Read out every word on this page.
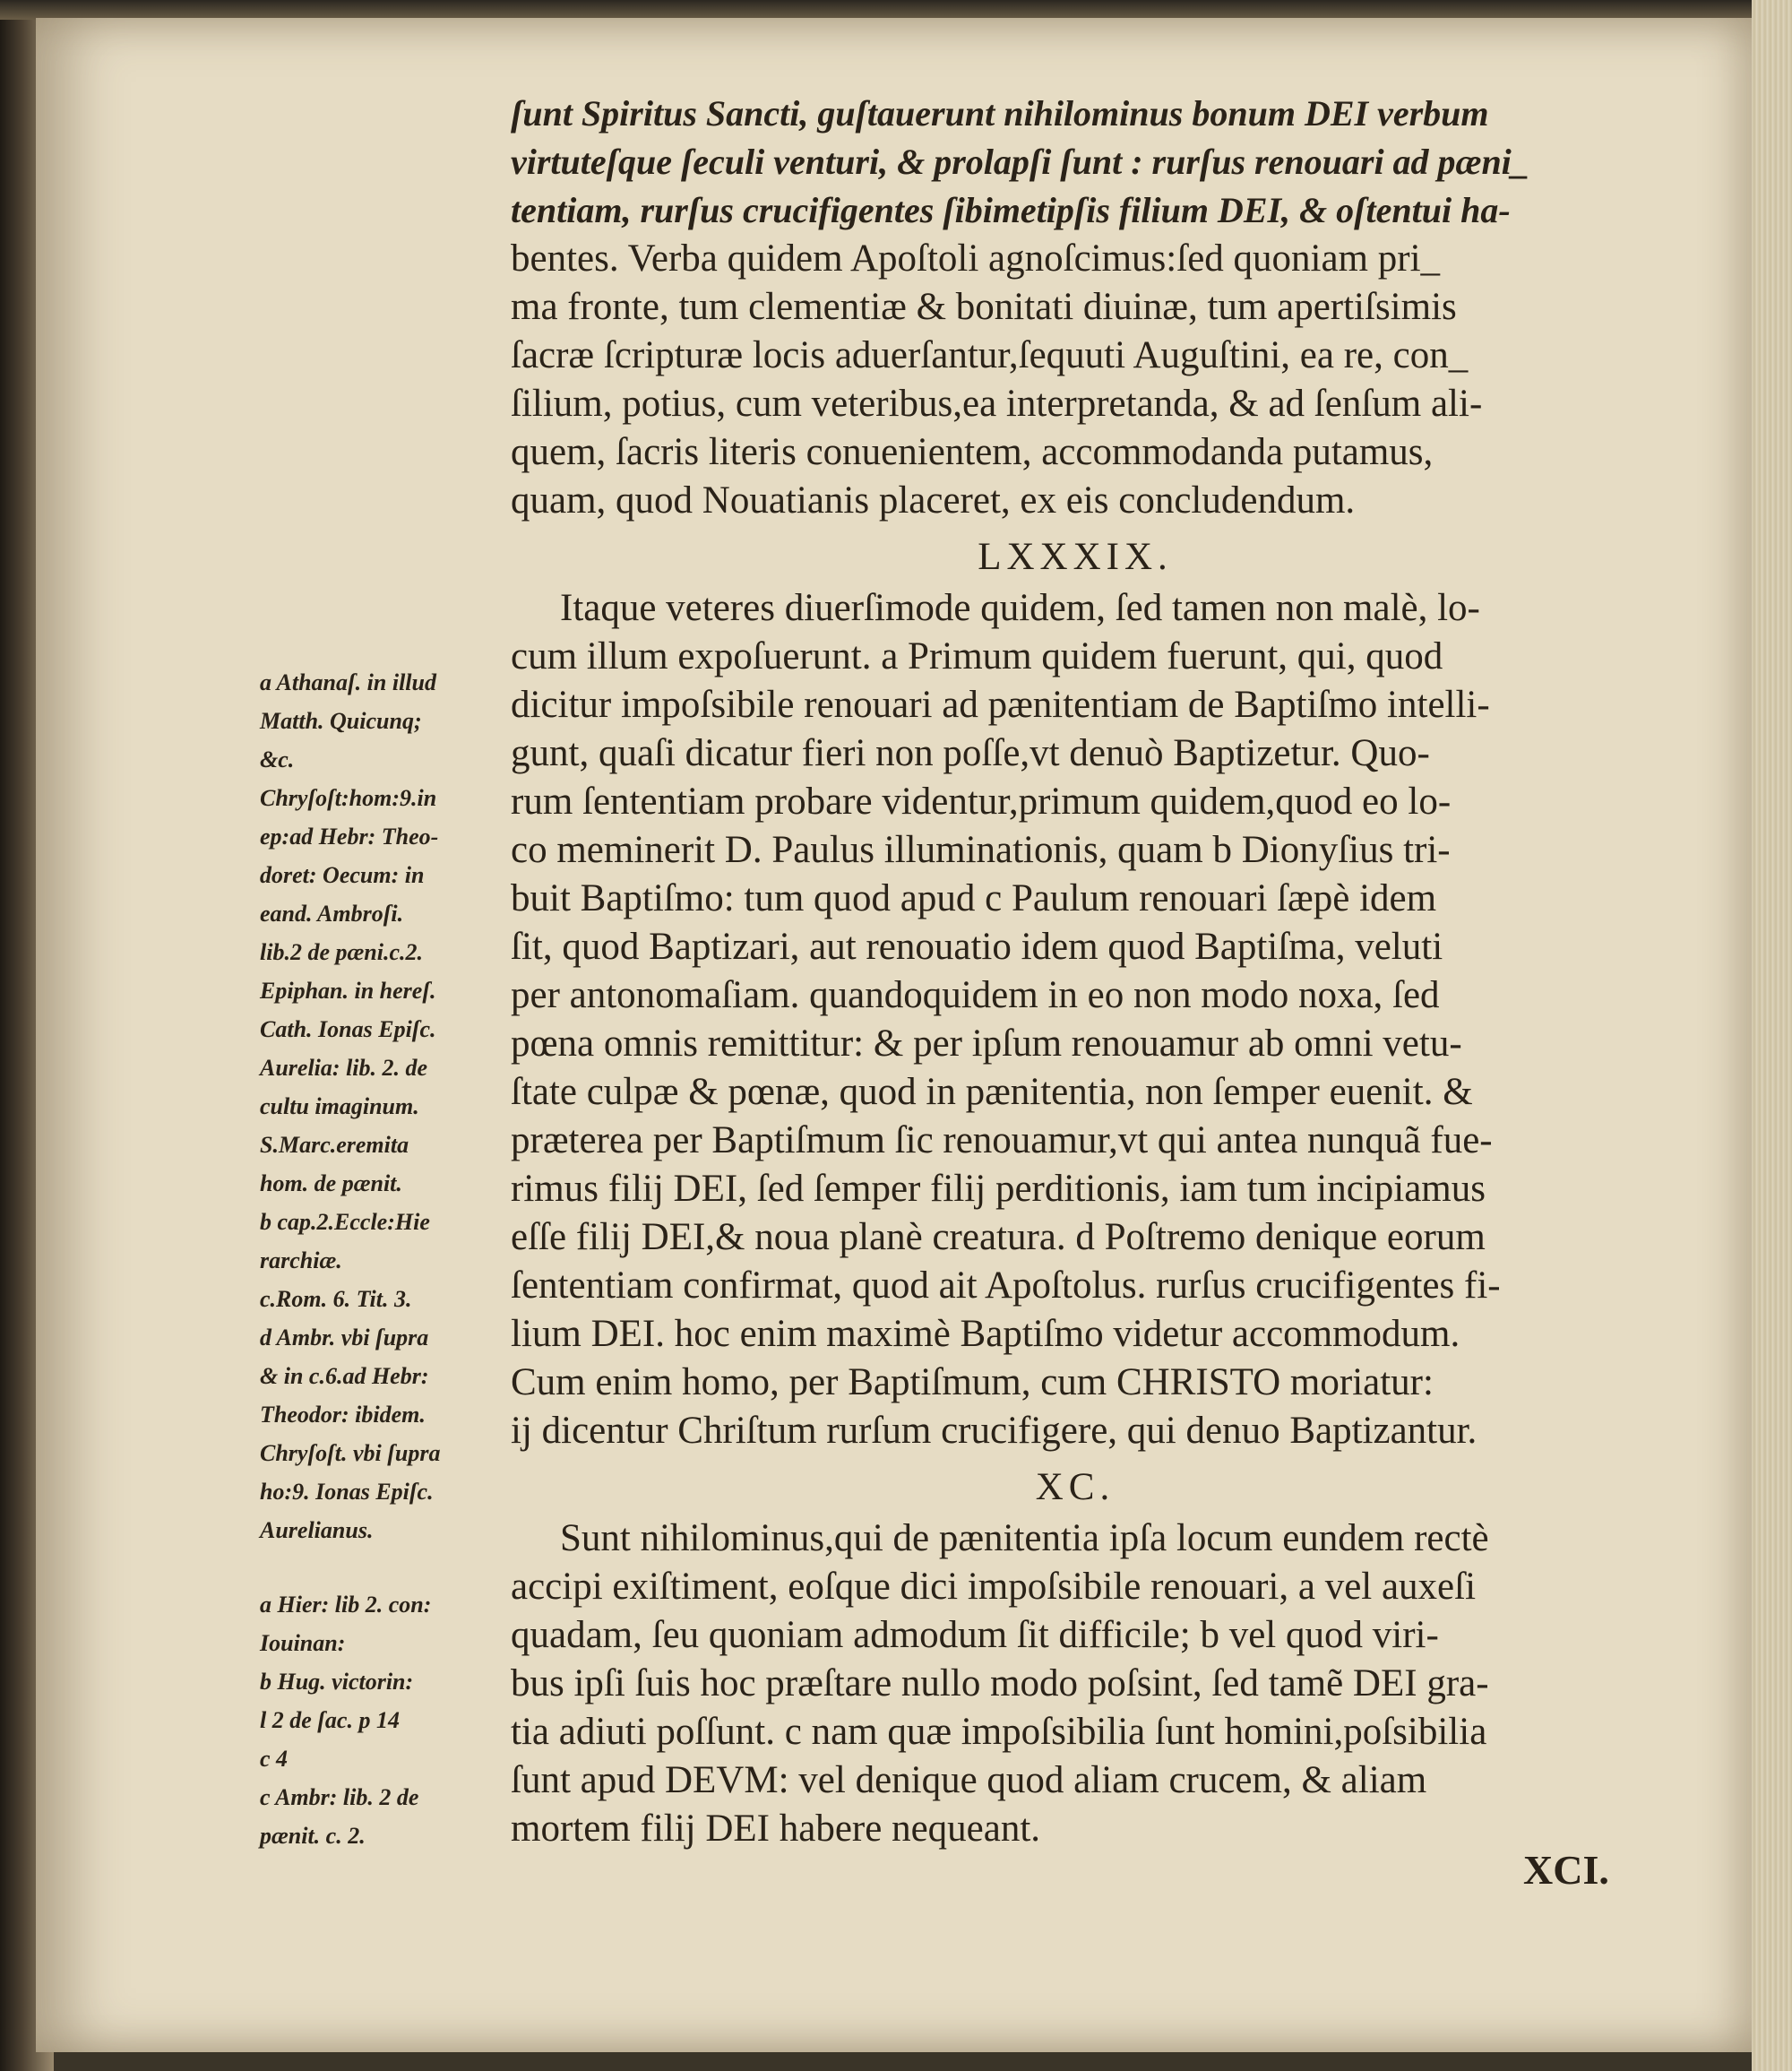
ſunt Spiritus Sancti, guſtauerunt nihilominus bonum DEI verbum
virtuteſque ſeculi venturi, & prolapſi ſunt : rurſus renouari ad pæni_
tentiam, rurſus crucifigentes ſibimetipſis filium DEI, & oſtentui ha-
bentes. Verba quidem Apoſtoli agnoſcimus:ſed quoniam pri_
ma fronte, tum clementiæ & bonitati diuinæ, tum apertiſsimis
ſacræ ſcripturæ locis aduerſantur,ſequuti Auguſtini, ea re, con_
ſilium, potius, cum veteribus,ea interpretanda, & ad ſenſum ali-
quem, ſacris literis conuenientem, accommodanda putamus,
quam, quod Nouatianis placeret, ex eis concludendum.
LXXXIX.
Itaque veteres diuerſimode quidem, ſed tamen non malè, lo-
cum illum expoſuerunt. a Primum quidem fuerunt, qui, quod
dicitur impoſsibile renouari ad pænitentiam de Baptiſmo intelli-
gunt, quaſi dicatur fieri non poſſe,vt denuò Baptizetur. Quo-
rum ſententiam probare videntur,primum quidem,quod eo lo-
co meminerit D. Paulus illuminationis, quam b Dionyſius tri-
buit Baptiſmo: tum quod apud c Paulum renouari ſæpè idem
ſit, quod Baptizari, aut renouatio idem quod Baptiſma, veluti
per antonomaſiam. quandoquidem in eo non modo noxa, ſed
pœna omnis remittitur: & per ipſum renouamur ab omni vetu-
ſtate culpæ & pœnæ, quod in pænitentia, non ſemper euenit. &
præterea per Baptiſmum ſic renouamur,vt qui antea nunquã fue-
rimus filij DEI, ſed ſemper filij perditionis, iam tum incipiamus
eſſe filij DEI,& noua planè creatura. d Poſtremo denique eorum
ſententiam confirmat, quod ait Apoſtolus. rurſus crucifigentes fi-
lium DEI. hoc enim maximè Baptiſmo videtur accommodum.
Cum enim homo, per Baptiſmum, cum CHRISTO moriatur:
ij dicentur Chriſtum rurſum crucifigere, qui denuo Baptizantur.
XC.
Sunt nihilominus,qui de pænitentia ipſa locum eundem rectè
accipi exiſtiment, eoſque dici impoſsibile renouari, a vel auxeſi
quadam, ſeu quoniam admodum ſit difficile; b vel quod viri-
bus ipſi ſuis hoc præſtare nullo modo poſsint, ſed tamẽ DEI gra-
tia adiuti poſſunt. c nam quæ impoſsibilia ſunt homini,poſsibilia
ſunt apud DEVM: vel denique quod aliam crucem, & aliam
mortem filij DEI habere nequeant.
a Athanaſ. in illud
Matth. Quicunq;
&c.
Chryſoſt:hom:9.in
ep:ad Hebr: Theo-
doret: Oecum: in
eand. Ambroſi.
lib.2 de pæni.c.2.
Epiphan. in hereſ.
Cath. Ionas Epiſc.
Aurelia: lib. 2. de
cultu imaginum.
S.Marc.eremita
hom. de pænit.
b cap.2.Eccle:Hie
rarchiæ.
c.Rom. 6. Tit. 3.
d Ambr. vbi ſupra
& in c.6.ad Hebr:
Theodor: ibidem.
Chryſoſt. vbi ſupra
ho:9. Ionas Epiſc.
Aurelianus.
a Hier: lib 2. con:
Iouinan:
b Hug. victorin:
l 2 de ſac. p 14
c 4
c Ambr: lib. 2 de
pænit. c. 2.
XCI.
